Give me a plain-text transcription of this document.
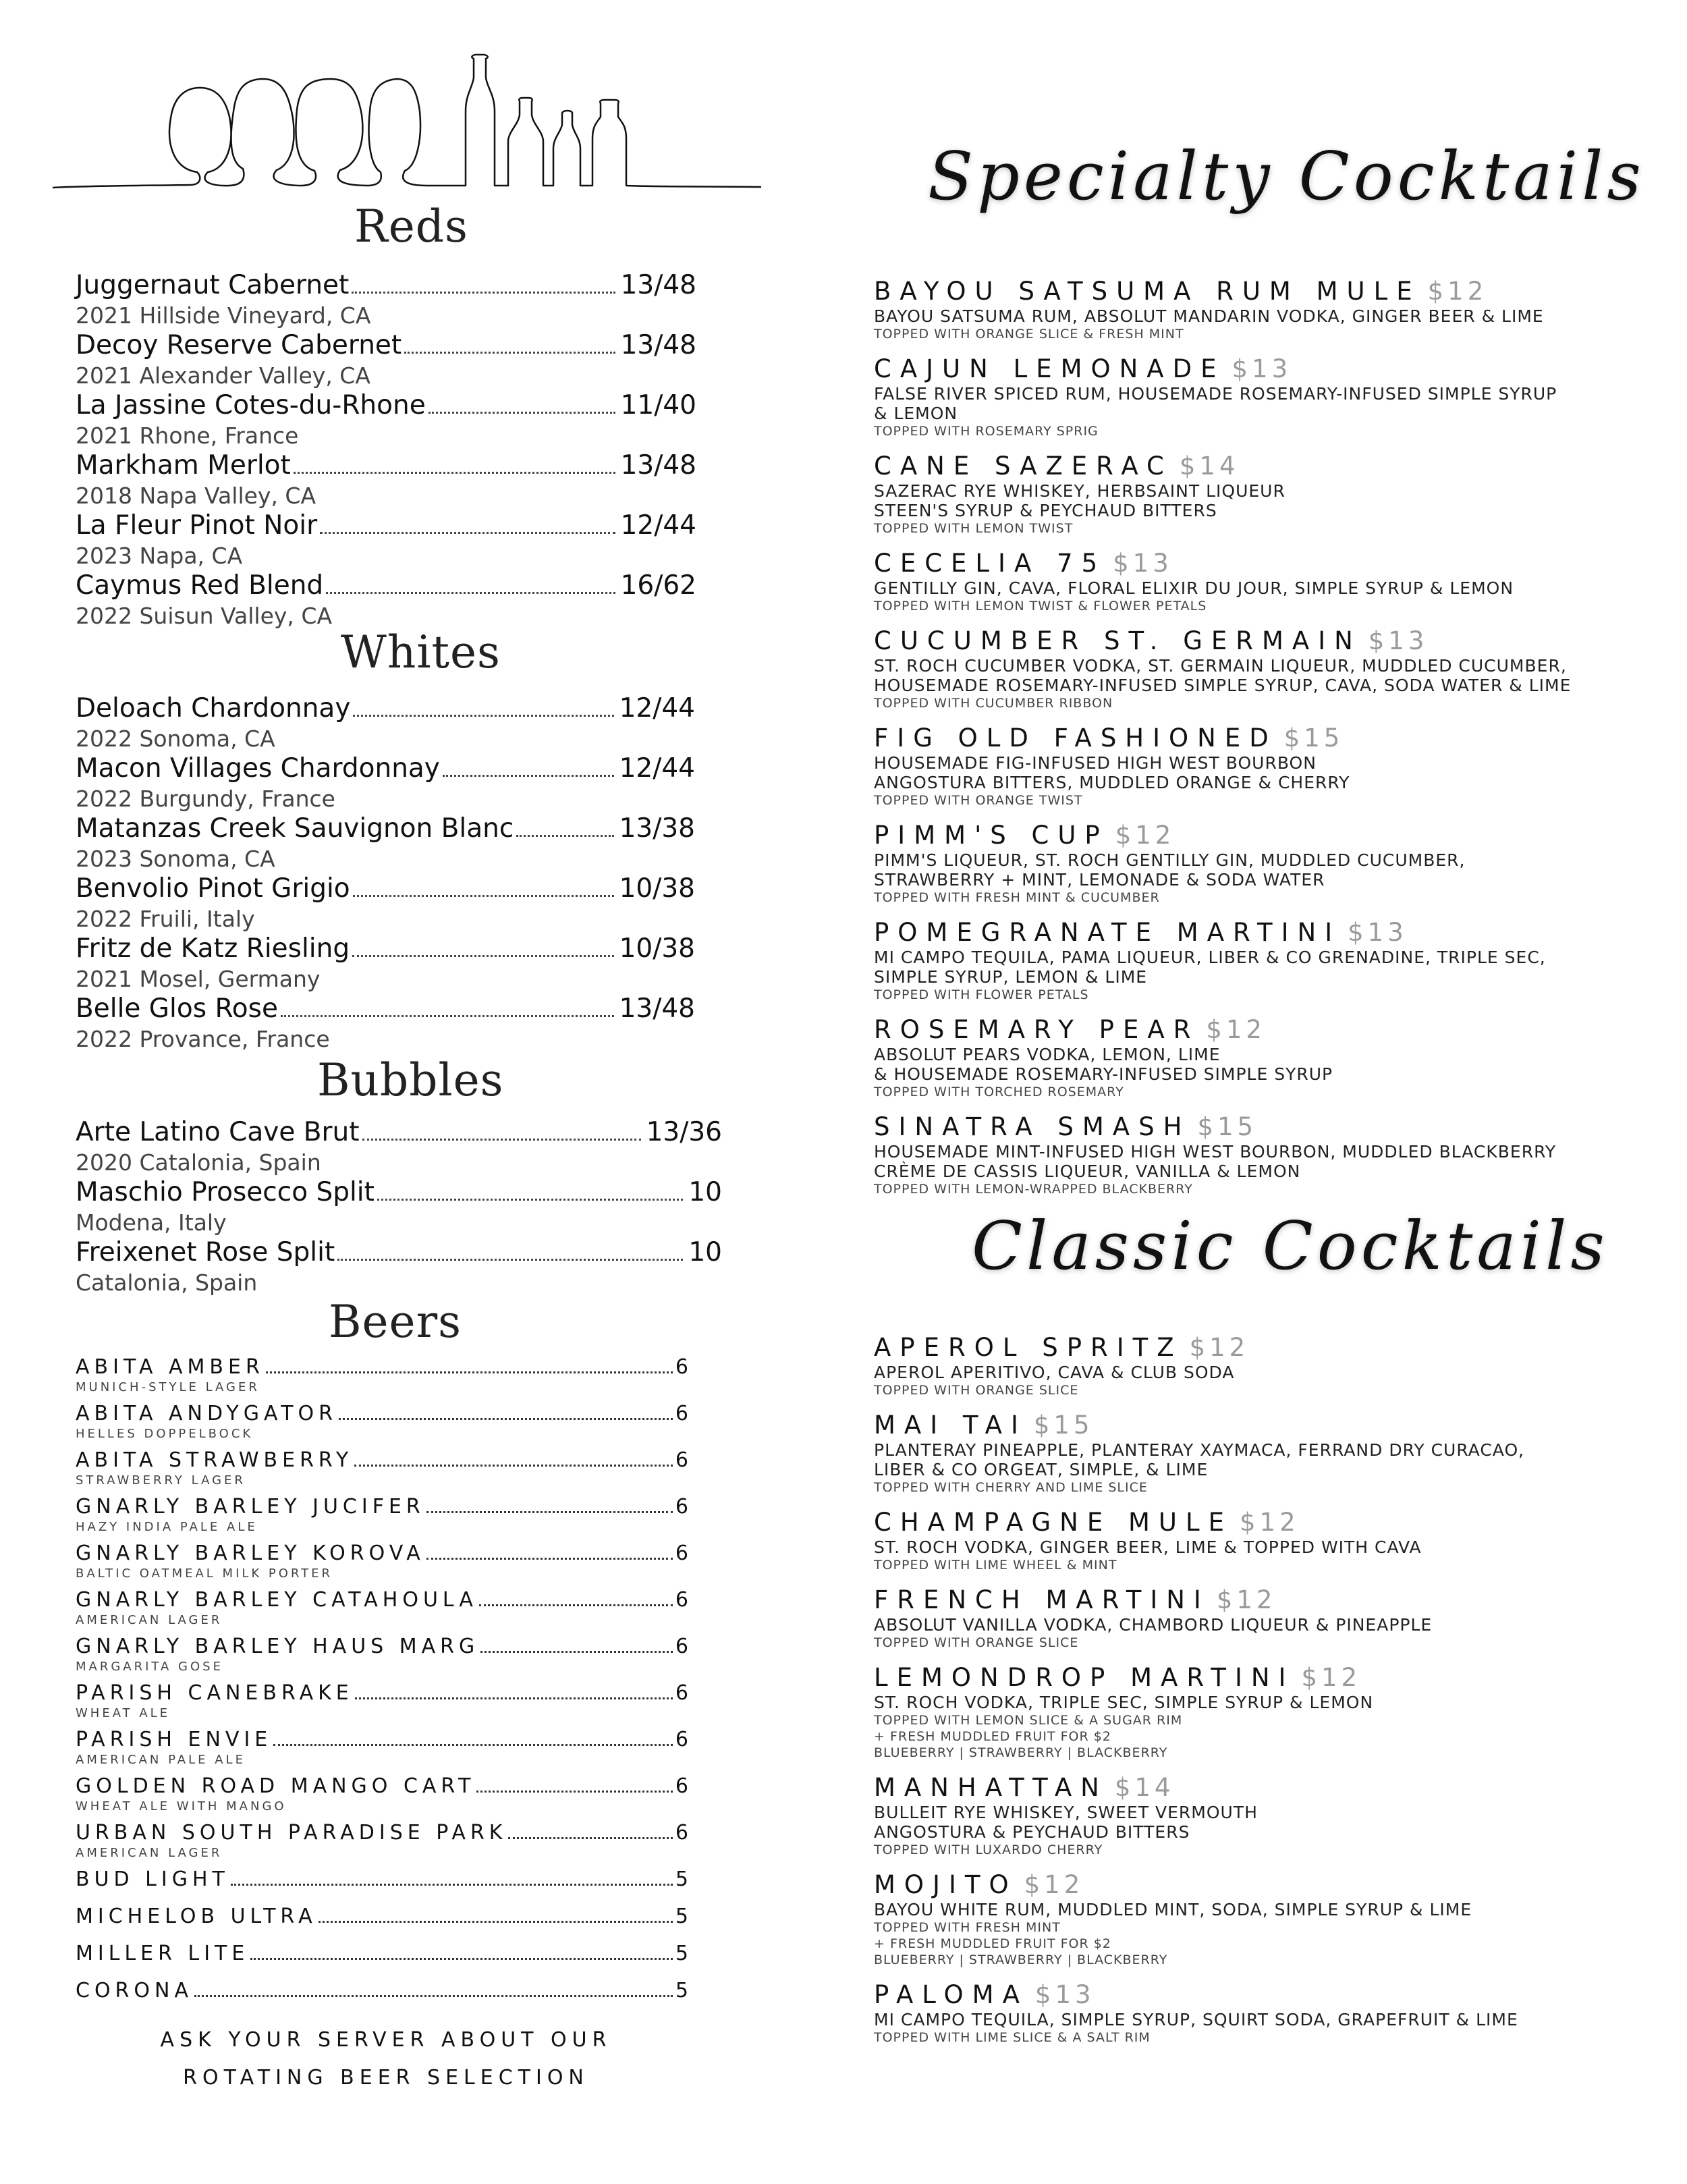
Reds
Juggernaut Cabernet	13/48
2021 Hillside Vineyard, CA
Decoy Reserve Cabernet	13/48
2021 Alexander Valley, CA
La Jassine Cotes-du-Rhone	11/40
2021 Rhone, France
Markham Merlot	13/48
2018 Napa Valley, CA
La Fleur Pinot Noir	12/44
2023 Napa, CA
Caymus Red Blend	16/62
2022 Suisun Valley, CA
Whites
Deloach Chardonnay	12/44
2022 Sonoma, CA
Macon Villages Chardonnay	12/44
2022 Burgundy, France
Matanzas Creek Sauvignon Blanc	13/38
2023 Sonoma, CA
Benvolio Pinot Grigio	10/38
2022 Fruili, Italy
Fritz de Katz Riesling	10/38
2021 Mosel, Germany
Belle Glos Rose	13/48
2022 Provance, France
Bubbles
Arte Latino Cave Brut	13/36
2020 Catalonia, Spain
Maschio Prosecco Split	10
Modena, Italy
Freixenet Rose Split	10
Catalonia, Spain
Beers
ABITA AMBER	6
MUNICH-STYLE LAGER
ABITA ANDYGATOR	6
HELLES DOPPELBOCK
ABITA STRAWBERRY	6
STRAWBERRY LAGER
GNARLY BARLEY JUCIFER	6
HAZY INDIA PALE ALE
GNARLY BARLEY KOROVA	6
BALTIC OATMEAL MILK PORTER
GNARLY BARLEY CATAHOULA	6
AMERICAN LAGER
GNARLY BARLEY HAUS MARG	6
MARGARITA GOSE
PARISH CANEBRAKE	6
WHEAT ALE
PARISH ENVIE	6
AMERICAN PALE ALE
GOLDEN ROAD MANGO CART	6
WHEAT ALE WITH MANGO
URBAN SOUTH PARADISE PARK	6
AMERICAN LAGER
BUD LIGHT	5
MICHELOB ULTRA	5
MILLER LITE	5
CORONA	5
ASK YOUR SERVER ABOUT OUR
ROTATING BEER SELECTION
Specialty Cocktails
BAYOU SATSUMA RUM MULE $12
BAYOU SATSUMA RUM, ABSOLUT MANDARIN VODKA, GINGER BEER & LIME
TOPPED WITH ORANGE SLICE & FRESH MINT
CAJUN LEMONADE $13
FALSE RIVER SPICED RUM, HOUSEMADE ROSEMARY-INFUSED SIMPLE SYRUP
& LEMON
TOPPED WITH ROSEMARY SPRIG
CANE SAZERAC $14
SAZERAC RYE WHISKEY, HERBSAINT LIQUEUR
STEEN'S SYRUP & PEYCHAUD BITTERS
TOPPED WITH LEMON TWIST
CECELIA 75 $13
GENTILLY GIN, CAVA, FLORAL ELIXIR DU JOUR, SIMPLE SYRUP & LEMON
TOPPED WITH LEMON TWIST & FLOWER PETALS
CUCUMBER ST. GERMAIN $13
ST. ROCH CUCUMBER VODKA, ST. GERMAIN LIQUEUR, MUDDLED CUCUMBER,
HOUSEMADE ROSEMARY-INFUSED SIMPLE SYRUP, CAVA, SODA WATER & LIME
TOPPED WITH CUCUMBER RIBBON
FIG OLD FASHIONED $15
HOUSEMADE FIG-INFUSED HIGH WEST BOURBON
ANGOSTURA BITTERS, MUDDLED ORANGE & CHERRY
TOPPED WITH ORANGE TWIST
PIMM'S CUP $12
PIMM'S LIQUEUR, ST. ROCH GENTILLY GIN, MUDDLED CUCUMBER,
STRAWBERRY + MINT, LEMONADE & SODA WATER
TOPPED WITH FRESH MINT & CUCUMBER
POMEGRANATE MARTINI $13
MI CAMPO TEQUILA, PAMA LIQUEUR, LIBER & CO GRENADINE, TRIPLE SEC,
SIMPLE SYRUP, LEMON & LIME
TOPPED WITH FLOWER PETALS
ROSEMARY PEAR $12
ABSOLUT PEARS VODKA, LEMON, LIME
& HOUSEMADE ROSEMARY-INFUSED SIMPLE SYRUP
TOPPED WITH TORCHED ROSEMARY
SINATRA SMASH $15
HOUSEMADE MINT-INFUSED HIGH WEST BOURBON, MUDDLED BLACKBERRY
CRÈME DE CASSIS LIQUEUR, VANILLA & LEMON
TOPPED WITH LEMON-WRAPPED BLACKBERRY
Classic Cocktails
APEROL SPRITZ $12
APEROL APERITIVO, CAVA & CLUB SODA
TOPPED WITH ORANGE SLICE
MAI TAI $15
PLANTERAY PINEAPPLE, PLANTERAY XAYMACA, FERRAND DRY CURACAO,
LIBER & CO ORGEAT, SIMPLE, & LIME
TOPPED WITH CHERRY AND LIME SLICE
CHAMPAGNE MULE $12
ST. ROCH VODKA, GINGER BEER, LIME & TOPPED WITH CAVA
TOPPED WITH LIME WHEEL & MINT
FRENCH MARTINI $12
ABSOLUT VANILLA VODKA, CHAMBORD LIQUEUR & PINEAPPLE
TOPPED WITH ORANGE SLICE
LEMONDROP MARTINI $12
ST. ROCH VODKA, TRIPLE SEC, SIMPLE SYRUP & LEMON
TOPPED WITH LEMON SLICE & A SUGAR RIM
+ FRESH MUDDLED FRUIT FOR $2
BLUEBERRY | STRAWBERRY | BLACKBERRY
MANHATTAN $14
BULLEIT RYE WHISKEY, SWEET VERMOUTH
ANGOSTURA & PEYCHAUD BITTERS
TOPPED WITH LUXARDO CHERRY
MOJITO $12
BAYOU WHITE RUM, MUDDLED MINT, SODA, SIMPLE SYRUP & LIME
TOPPED WITH FRESH MINT
+ FRESH MUDDLED FRUIT FOR $2
BLUEBERRY | STRAWBERRY | BLACKBERRY
PALOMA $13
MI CAMPO TEQUILA, SIMPLE SYRUP, SQUIRT SODA, GRAPEFRUIT & LIME
TOPPED WITH LIME SLICE & A SALT RIM
